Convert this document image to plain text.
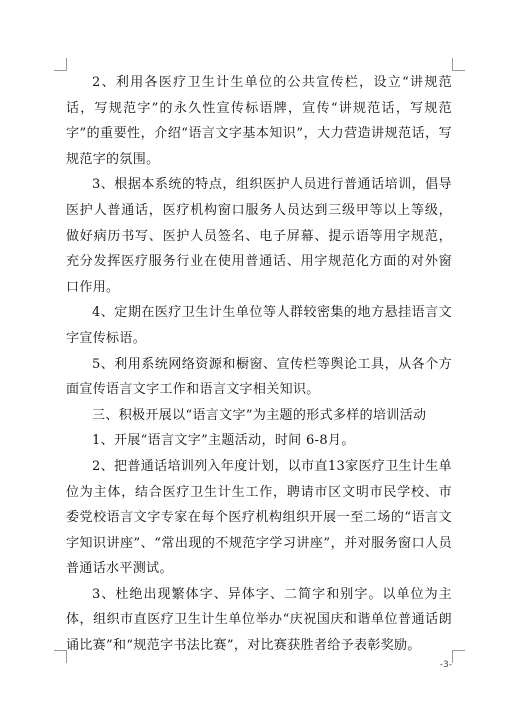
2、利用各医疗卫生计生单位的公共宣传栏，设立“讲规范话，写规范字”的永久性宣传标语牌，宣传“讲规范话，写规范字”的重要性，介绍“语言文字基本知识”，大力营造讲规范话，写规范字的氛围。

3、根据本系统的特点，组织医护人员进行普通话培训，倡导医护人普通话，医疗机构窗口服务人员达到三级甲等以上等级，做好病历书写、医护人员签名、电子屏幕、提示语等用字规范，充分发挥医疗服务行业在使用普通话、用字规范化方面的对外窗口作用。

4、定期在医疗卫生计生单位等人群较密集的地方悬挂语言文字宣传标语。

5、利用系统网络资源和橱窗、宣传栏等舆论工具，从各个方面宣传语言文字工作和语言文字相关知识。

三、积极开展以“语言文字”为主题的形式多样的培训活动

1、开展“语言文字”主题活动，时间 6-8月。

2、把普通话培训列入年度计划，以市直13家医疗卫生计生单位为主体，结合医疗卫生计生工作，聘请市区文明市民学校、市委党校语言文字专家在每个医疗机构组织开展一至二场的“语言文字知识讲座”、“常出现的不规范字学习讲座”，并对服务窗口人员普通话水平测试。

3、杜绝出现繁体字、异体字、二简字和别字。以单位为主体，组织市直医疗卫生计生单位举办“庆祝国庆和谐单位普通话朗诵比赛”和“规范字书法比赛”，对比赛获胜者给予表彰奖励。

-3-
